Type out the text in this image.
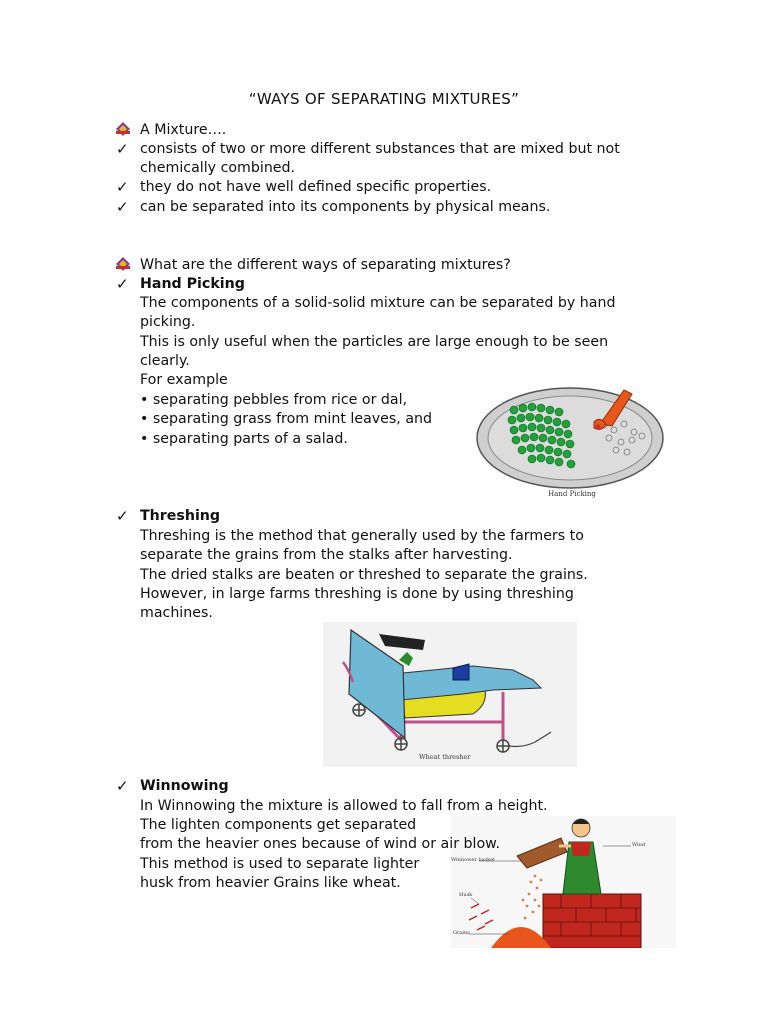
“WAYS OF SEPARATING MIXTURES”
A Mixture….
✓ consists of two or more different substances that are mixed but not
chemically combined.
✓ they do not have well defined specific properties.
✓ can be separated into its components by physical means.
What are the different ways of separating mixtures?
✓ Hand Picking
The components of a solid-solid mixture can be separated by hand
picking.
This is only useful when the particles are large enough to be seen
clearly.
For example
• separating pebbles from rice or dal,
• separating grass from mint leaves, and
• separating parts of a salad.
Hand Picking
✓ Threshing
Threshing is the method that generally used by the farmers to
separate the grains from the stalks after harvesting.
The dried stalks are beaten or threshed to separate the grains.
However, in large farms threshing is done by using threshing
machines.
Wheat thresher
✓ Winnowing
In Winnowing the mixture is allowed to fall from a height.
The lighten components get separated
Wind
Winnower basket
Husk
Grains
from the heavier ones because of wind or air blow.
This method is used to separate lighter
husk from heavier Grains like wheat.
